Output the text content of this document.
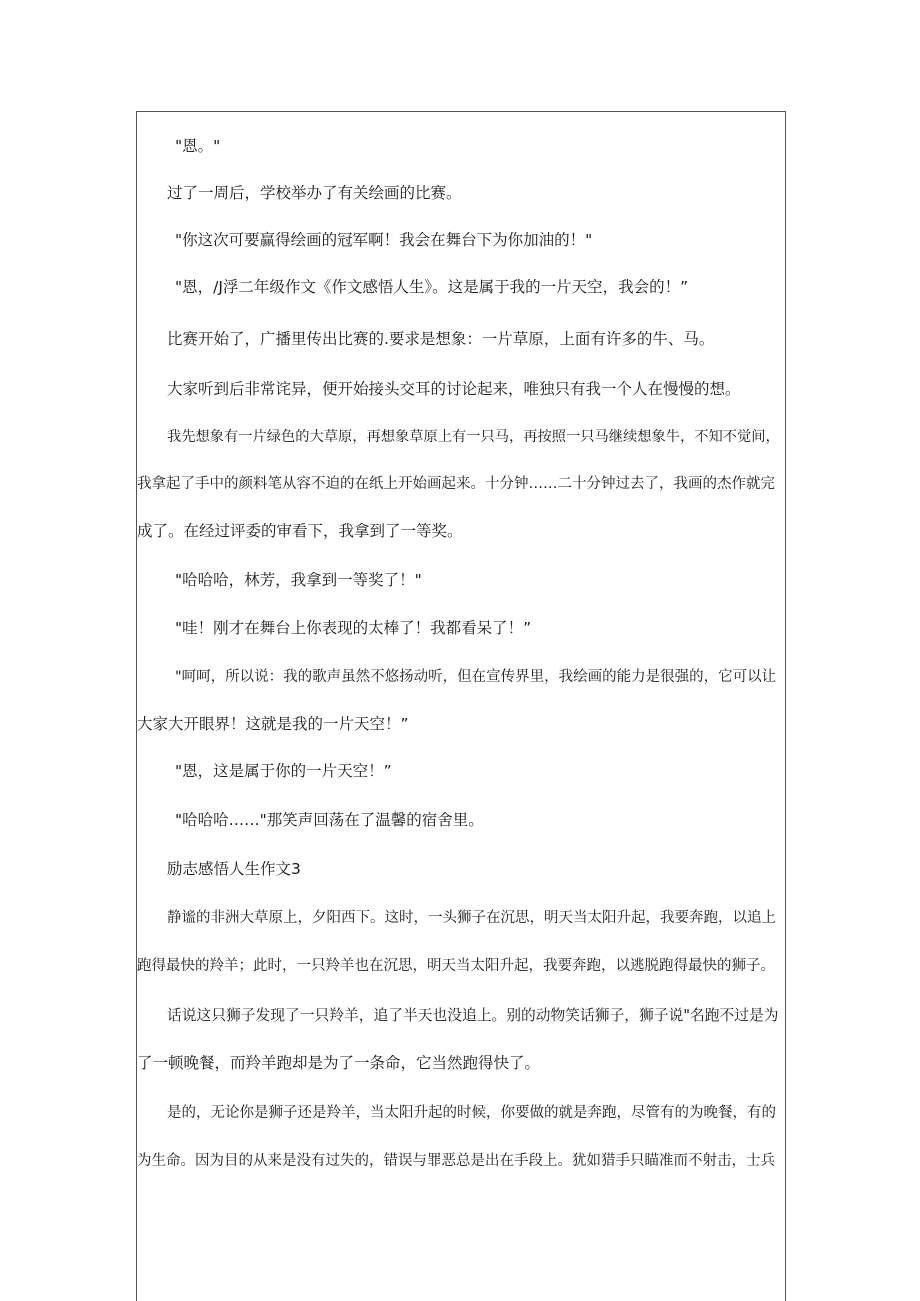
"恩。"
过了一周后，学校举办了有关绘画的比赛。
"你这次可要赢得绘画的冠军啊！我会在舞台下为你加油的！"
"恩，/J浮二年级作文《作文感悟人生》。这是属于我的一片天空，我会的！”
比赛开始了，广播里传出比赛的.要求是想象：一片草原，上面有许多的牛、马。
大家听到后非常诧异，便开始接头交耳的讨论起来，唯独只有我一个人在慢慢的想。
我先想象有一片绿色的大草原，再想象草原上有一只马，再按照一只马继续想象牛，不知不觉间，
我拿起了手中的颜料笔从容不迫的在纸上开始画起来。十分钟……二十分钟过去了，我画的杰作就完
成了。在经过评委的审看下，我拿到了一等奖。
"哈哈哈，林芳，我拿到一等奖了！"
"哇！刚才在舞台上你表现的太棒了！我都看呆了！”
"呵呵，所以说：我的歌声虽然不悠扬动听，但在宣传界里，我绘画的能力是很强的，它可以让
大家大开眼界！这就是我的一片天空！”
"恩，这是属于你的一片天空！”
"哈哈哈……"那笑声回荡在了温馨的宿舍里。
励志感悟人生作文3
静谧的非洲大草原上，夕阳西下。这时，一头狮子在沉思，明天当太阳升起，我要奔跑，以追上
跑得最快的羚羊；此时，一只羚羊也在沉思，明天当太阳升起，我要奔跑，以逃脱跑得最快的狮子。
话说这只狮子发现了一只羚羊，追了半天也没追上。别的动物笑话狮子，狮子说"名跑不过是为
了一顿晚餐，而羚羊跑却是为了一条命，它当然跑得快了。
是的，无论你是狮子还是羚羊，当太阳升起的时候，你要做的就是奔跑，尽管有的为晚餐，有的
为生命。因为目的从来是没有过失的，错误与罪恶总是出在手段上。犹如猎手只瞄准而不射击，士兵
